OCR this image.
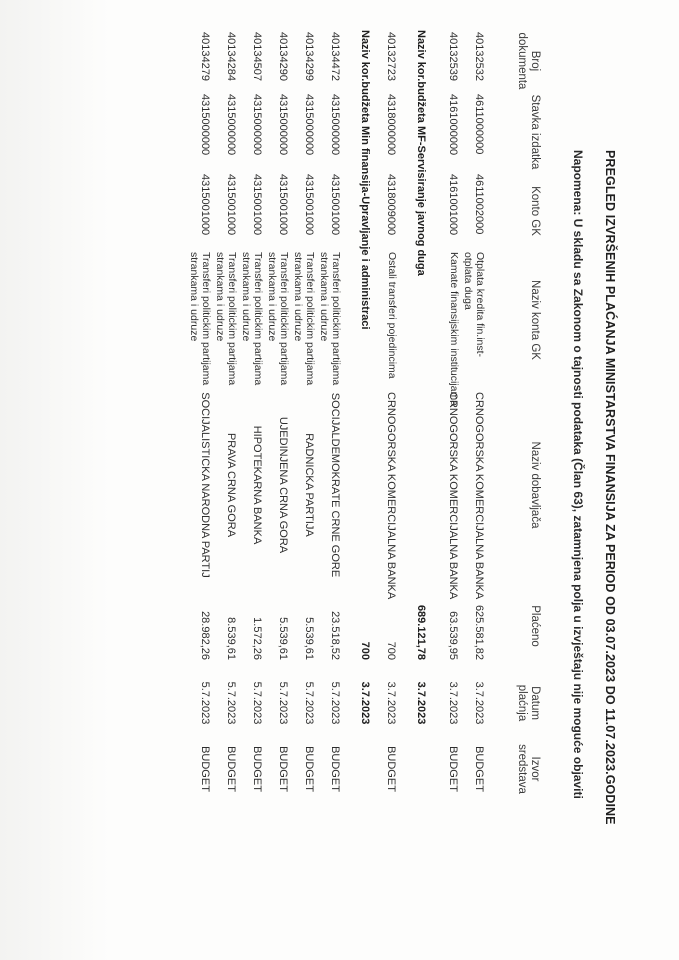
PREGLED IZVRŠENIH PLAĆANJA MINISTARSTVA FINANSIJA ZA PERIOD OD 03.07.2023 DO 11.07.2023.GODINE
Napomena: U skladu sa Zakonom o tajnosti podataka (Član 63), zatamnjena polja u izvještaju nije moguće objaviti
Broj
dokumenta
Stavka izdatka
Konto GK
Naziv konta GK
Naziv dobavljača
Plaćeno
Datum
plaćnja
Izvor
sredstava
40132532
4611000000
4611002000
Otplata kredita fin.inst-otplata duga
CRNOGORSKA KOMERCIJALNA BANKA
625.581,82
3.7.2023
BUDGET
40132539
4161000000
4161001000
Kamate finansijskim institucijama
CRNOGORSKA KOMERCIJALNA BANKA
63.539,95
3.7.2023
BUDGET
Naziv kor.budžeta MF-Servisiranje javnog duga
689.121,78
3.7.2023
40132723
4318000000
4318009000
Ostali transferi pojedincima
CRNOGORSKA KOMERCIJALNA BANKA
700
3.7.2023
BUDGET
Naziv kor.budžeta Min finansija-Upravljanje i administraci
700
3.7.2023
40134472
4315000000
4315001000
Transferi politickim partijama strankama i udruze
SOCIJALDEMOKRATE CRNE GORE
23.518,52
5.7.2023
BUDGET
40134299
4315000000
4315001000
Transferi politickim partijama strankama i udruze
RADNICKA PARTIJA
5.539,61
5.7.2023
BUDGET
40134290
4315000000
4315001000
Transferi politickim partijama strankama i udruze
UJEDINJENA CRNA GORA
5.539,61
5.7.2023
BUDGET
40134507
4315000000
4315001000
Transferi politickim partijama strankama i udruze
HIPOTEKARNA BANKA
1.572,26
5.7.2023
BUDGET
40134284
4315000000
4315001000
Transferi politickim partijama strankama i udruze
PRAVA CRNA GORA
8.539,61
5.7.2023
BUDGET
40134279
4315000000
4315001000
Transferi politickim partijama strankama i udruze
SOCIJALISTICKA NARODNA PARTIJ
28.982,26
5.7.2023
BUDGET
